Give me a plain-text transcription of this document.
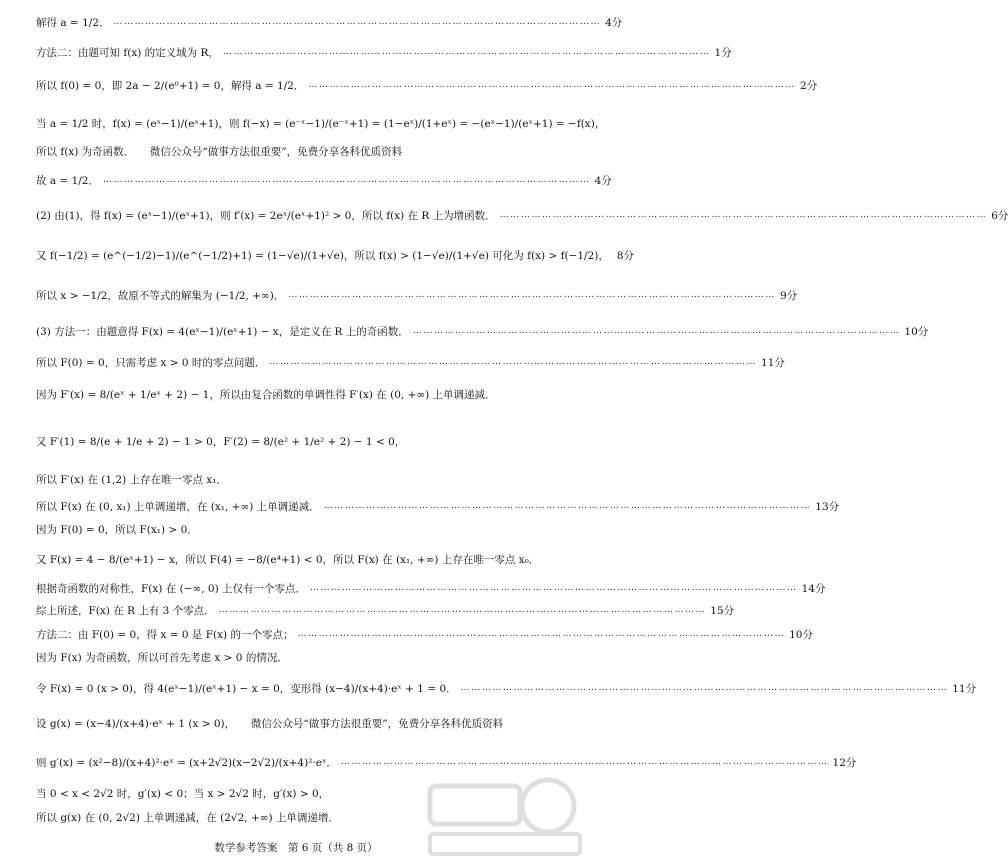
解得 a = 1/2． ………………………………………………………………………………………………………………………… 4分
方法二：由题可知 f(x) 的定义域为 R， ………………………………………………………………………………………………………………………… 1分
所以 f(0) = 0，即 2a − 2/(e⁰+1) = 0，解得 a = 1/2． ………………………………………………………………………………………………………………………… 2分
当 a = 1/2 时，f(x) = (eˣ−1)/(eˣ+1)，则 f(−x) = (e⁻ˣ−1)/(e⁻ˣ+1) = (1−eˣ)/(1+eˣ) = −(eˣ−1)/(eˣ+1) = −f(x)，
所以 f(x) 为奇函数．　　微信公众号“做事方法很重要”，免费分享各科优质资料
故 a = 1/2． ………………………………………………………………………………………………………………………… 4分
(2) 由(1)，得 f(x) = (eˣ−1)/(eˣ+1)，则 f′(x) = 2eˣ/(eˣ+1)² > 0，所以 f(x) 在 R 上为增函数． ………………………………………………………………………………………………………………………… 6分
又 f(−1/2) = (e^(−1/2)−1)/(e^(−1/2)+1) = (1−√e)/(1+√e)，所以 f(x) > (1−√e)/(1+√e) 可化为 f(x) > f(−1/2)， 8分
所以 x > −1/2，故原不等式的解集为 (−1/2, +∞)． ………………………………………………………………………………………………………………………… 9分
(3) 方法一：由题意得 F(x) = 4(eˣ−1)/(eˣ+1) − x，是定义在 R 上的奇函数． ………………………………………………………………………………………………………………………… 10分
所以 F(0) = 0，只需考虑 x > 0 时的零点问题． ………………………………………………………………………………………………………………………… 11分
因为 F′(x) = 8/(eˣ + 1/eˣ + 2) − 1，所以由复合函数的单调性得 F′(x) 在 (0, +∞) 上单调递减．
又 F′(1) = 8/(e + 1/e + 2) − 1 > 0，F′(2) = 8/(e² + 1/e² + 2) − 1 < 0，
所以 F′(x) 在 (1,2) 上存在唯一零点 x₁．
所以 F(x) 在 (0, x₁) 上单调递增，在 (x₁, +∞) 上单调递减． ………………………………………………………………………………………………………………………… 13分
因为 F(0) = 0，所以 F(x₁) > 0．
又 F(x) = 4 − 8/(eˣ+1) − x，所以 F(4) = −8/(e⁴+1) < 0，所以 F(x) 在 (x₁, +∞) 上存在唯一零点 x₀．
根据奇函数的对称性，F(x) 在 (−∞, 0) 上仅有一个零点． ………………………………………………………………………………………………………………………… 14分
综上所述，F(x) 在 R 上有 3 个零点． ………………………………………………………………………………………………………………………… 15分
方法二：由 F(0) = 0，得 x = 0 是 F(x) 的一个零点； ………………………………………………………………………………………………………………………… 10分
因为 F(x) 为奇函数，所以可首先考虑 x > 0 的情况．
令 F(x) = 0 (x > 0)，得 4(eˣ−1)/(eˣ+1) − x = 0，变形得 (x−4)/(x+4)·eˣ + 1 = 0． ………………………………………………………………………………………………………………………… 11分
设 g(x) = (x−4)/(x+4)·eˣ + 1 (x > 0)，　　微信公众号“做事方法很重要”，免费分享各科优质资料
则 g′(x) = (x²−8)/(x+4)²·eˣ = (x+2√2)(x−2√2)/(x+4)²·eˣ． ………………………………………………………………………………………………………………………… 12分
当 0 < x < 2√2 时，g′(x) < 0；当 x > 2√2 时，g′(x) > 0，
所以 g(x) 在 (0, 2√2) 上单调递减，在 (2√2, +∞) 上单调递增．
数学参考答案　第 6 页（共 8 页）
